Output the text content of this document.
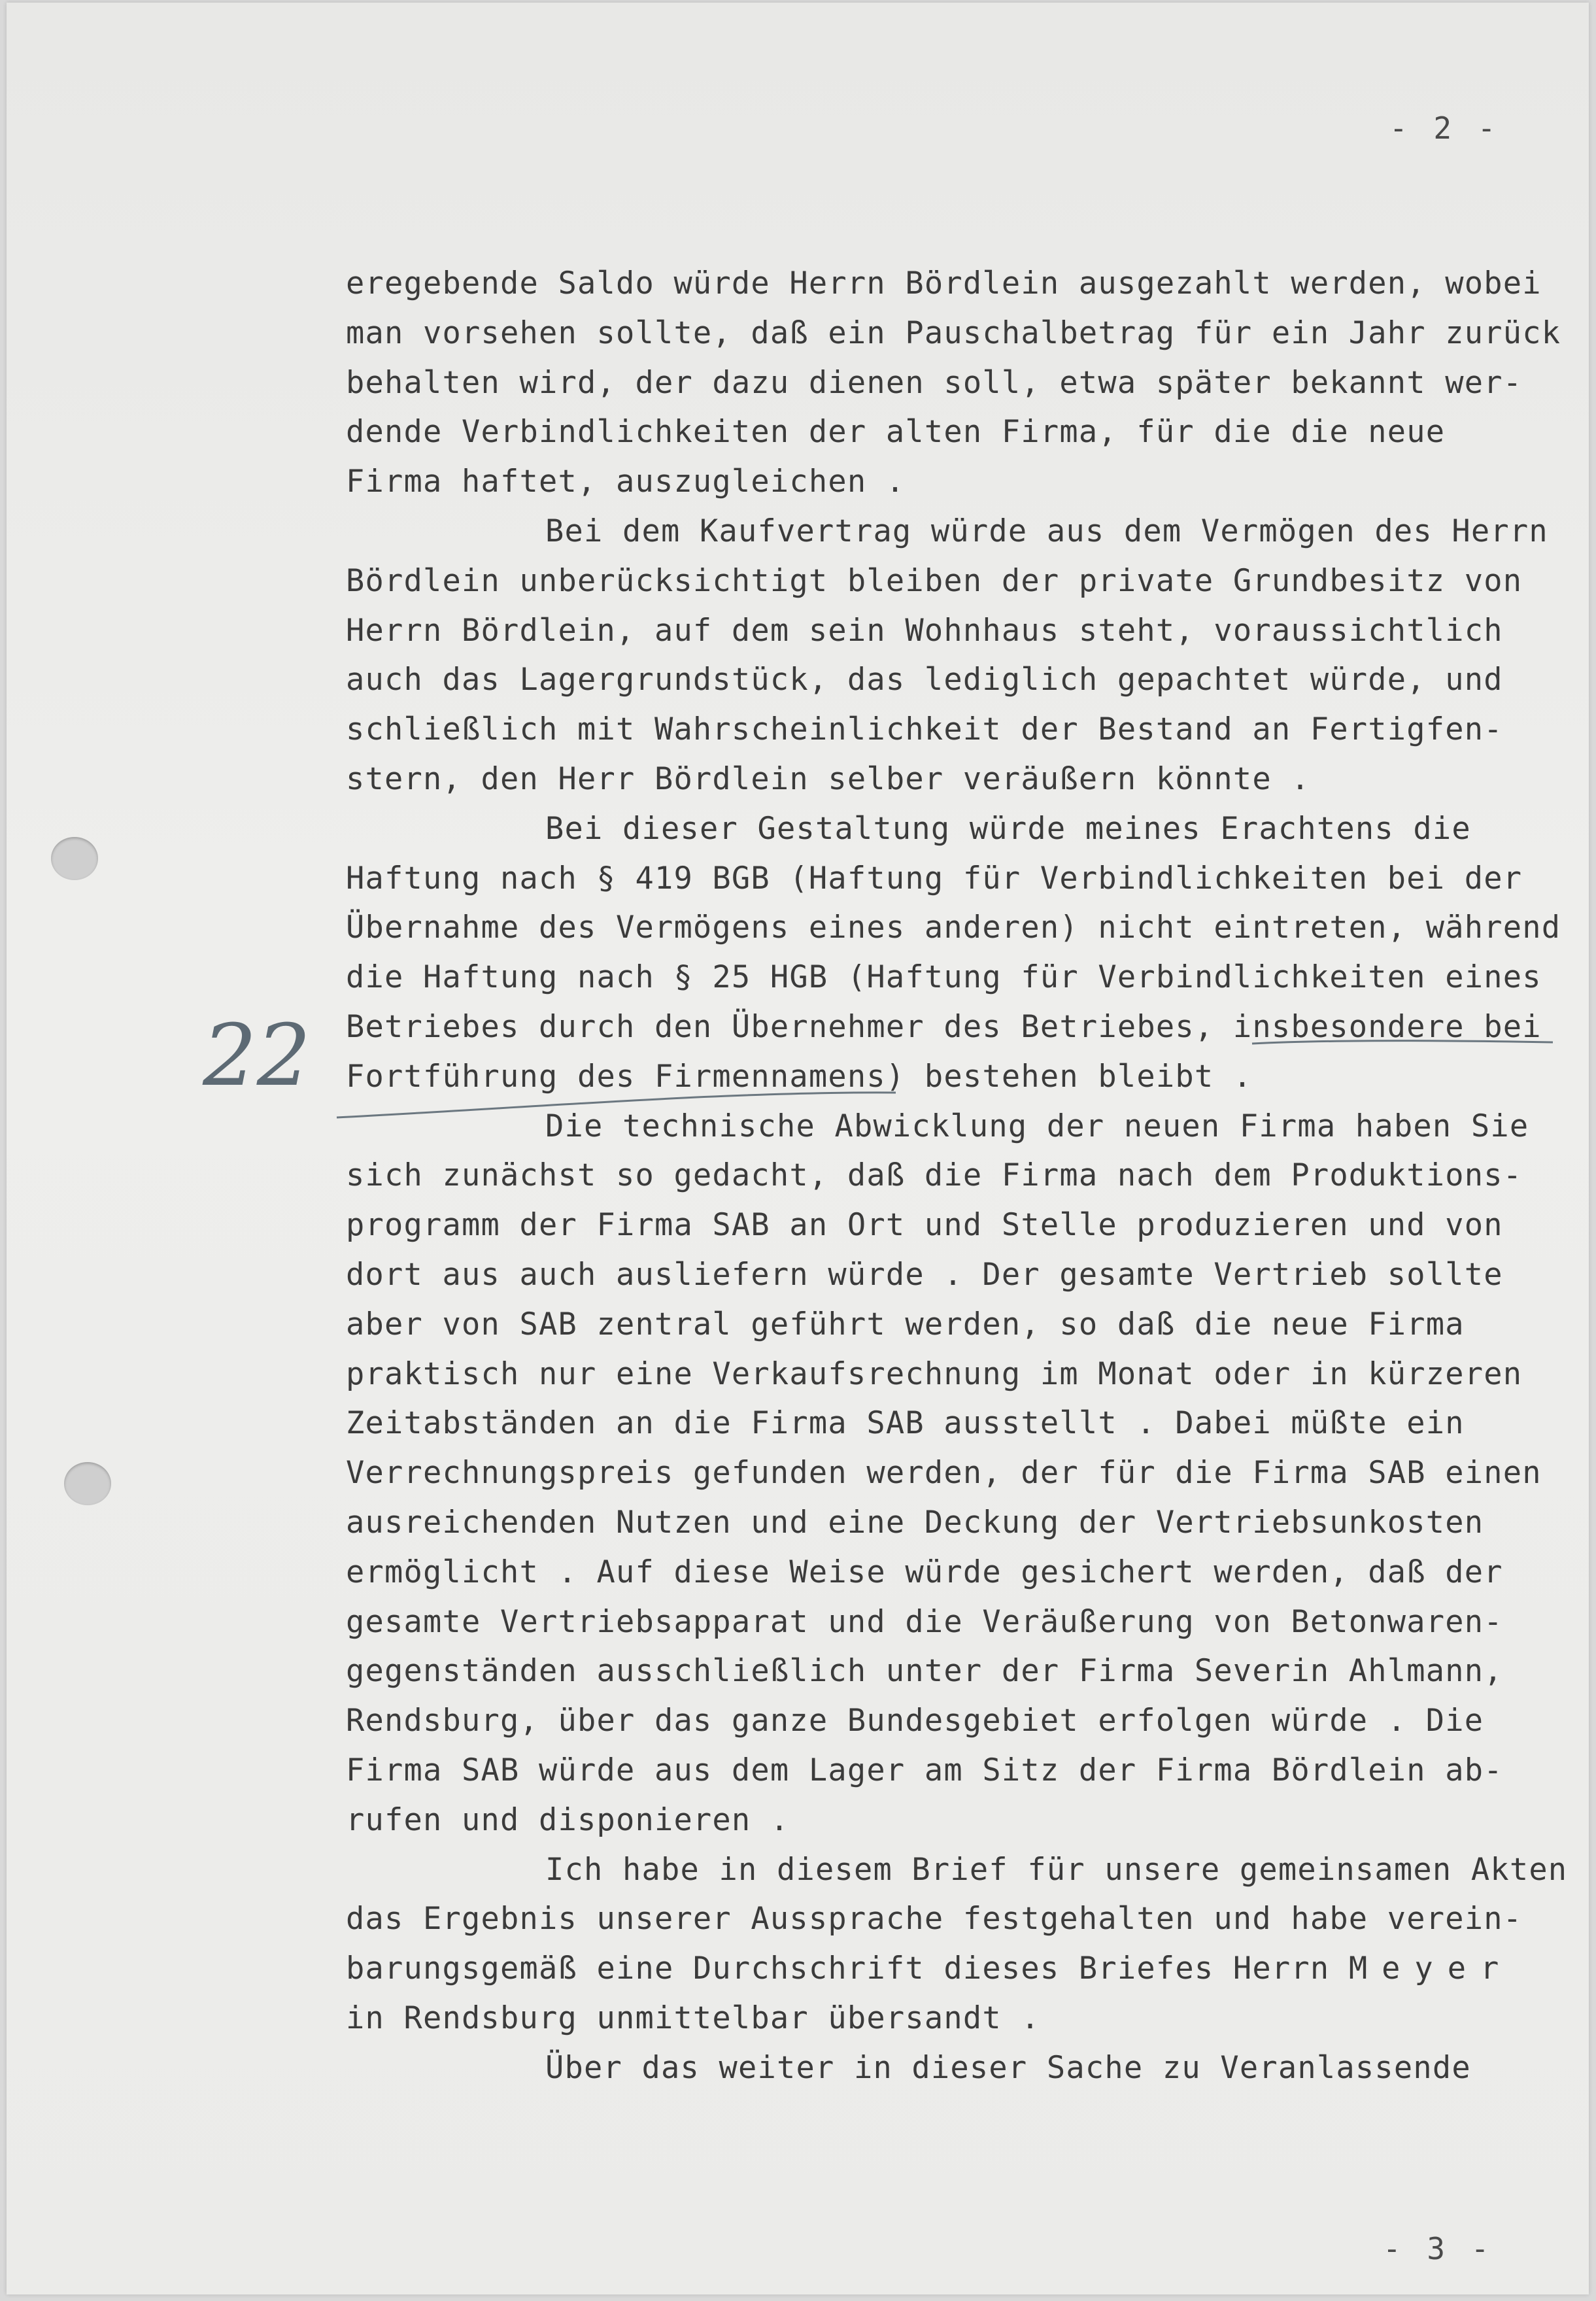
- 2 -
22
eregebende Saldo würde Herrn Bördlein ausgezahlt werden, wobei
man vorsehen sollte, daß ein Pauschalbetrag für ein Jahr zurück
behalten wird, der dazu dienen soll, etwa später bekannt wer-
dende Verbindlichkeiten der alten Firma, für die die neue
Firma haftet, auszugleichen .
Bei dem Kaufvertrag würde aus dem Vermögen des Herrn
Bördlein unberücksichtigt bleiben der private Grundbesitz von
Herrn Bördlein, auf dem sein Wohnhaus steht, voraussichtlich
auch das Lagergrundstück, das lediglich gepachtet würde, und
schließlich mit Wahrscheinlichkeit der Bestand an Fertigfen-
stern, den Herr Bördlein selber veräußern könnte .
Bei dieser Gestaltung würde meines Erachtens die
Haftung nach § 419 BGB (Haftung für Verbindlichkeiten bei der
Übernahme des Vermögens eines anderen) nicht eintreten, während
die Haftung nach § 25 HGB (Haftung für Verbindlichkeiten eines
Betriebes durch den Übernehmer des Betriebes, insbesondere bei
Fortführung des Firmennamens) bestehen bleibt .
Die technische Abwicklung der neuen Firma haben Sie
sich zunächst so gedacht, daß die Firma nach dem Produktions-
programm der Firma SAB an Ort und Stelle produzieren und von
dort aus auch ausliefern würde . Der gesamte Vertrieb sollte
aber von SAB zentral geführt werden, so daß die neue Firma
praktisch nur eine Verkaufsrechnung im Monat oder in kürzeren
Zeitabständen an die Firma SAB ausstellt . Dabei müßte ein
Verrechnungspreis gefunden werden, der für die Firma SAB einen
ausreichenden Nutzen und eine Deckung der Vertriebsunkosten
ermöglicht . Auf diese Weise würde gesichert werden, daß der
gesamte Vertriebsapparat und die Veräußerung von Betonwaren-
gegenständen ausschließlich unter der Firma Severin Ahlmann,
Rendsburg, über das ganze Bundesgebiet erfolgen würde . Die
Firma SAB würde aus dem Lager am Sitz der Firma Bördlein ab-
rufen und disponieren .
Ich habe in diesem Brief für unsere gemeinsamen Akten
das Ergebnis unserer Aussprache festgehalten und habe verein-
barungsgemäß eine Durchschrift dieses Briefes Herrn Meyer
in Rendsburg unmittelbar übersandt .
Über das weiter in dieser Sache zu Veranlassende
- 3 -
